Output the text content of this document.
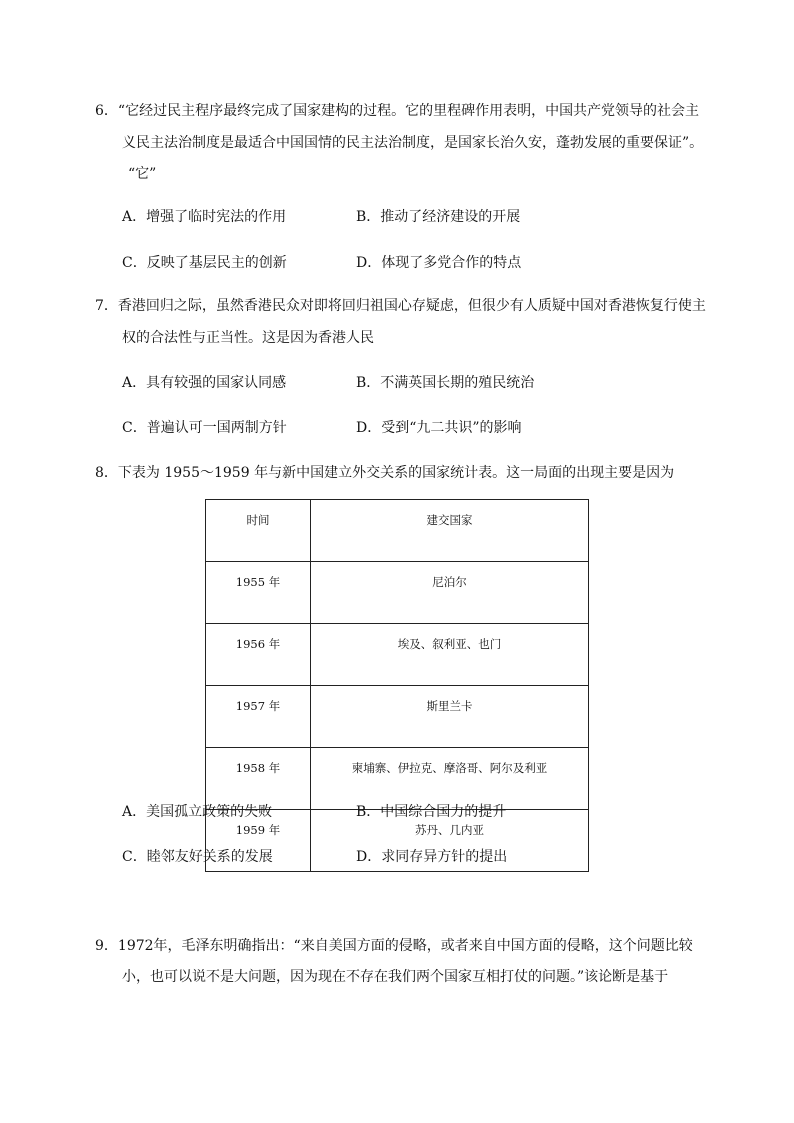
6．“它经过民主程序最终完成了国家建构的过程。它的里程碑作用表明，中国共产党领导的社会主
义民主法治制度是最适合中国国情的民主法治制度，是国家长治久安，蓬勃发展的重要保证”。
“它”
A．增强了临时宪法的作用	B．推动了经济建设的开展
C．反映了基层民主的创新	D．体现了多党合作的特点
7．香港回归之际，虽然香港民众对即将回归祖国心存疑虑，但很少有人质疑中国对香港恢复行使主
权的合法性与正当性。这是因为香港人民
A．具有较强的国家认同感	B．不满英国长期的殖民统治
C．普遍认可一国两制方针	D．受到“九二共识”的影响
8．下表为 1955～1959 年与新中国建立外交关系的国家统计表。这一局面的出现主要是因为
时间	建交国家
1955 年	尼泊尔
1956 年	埃及、叙利亚、也门
1957 年	斯里兰卡
1958 年	柬埔寨、伊拉克、摩洛哥、阿尔及利亚
1959 年	苏丹、几内亚
A．美国孤立政策的失败	B．中国综合国力的提升
C．睦邻友好关系的发展	D．求同存异方针的提出
9．1972年，毛泽东明确指出：“来自美国方面的侵略，或者来自中国方面的侵略，这个问题比较
小，也可以说不是大问题，因为现在不存在我们两个国家互相打仗的问题。”该论断是基于
